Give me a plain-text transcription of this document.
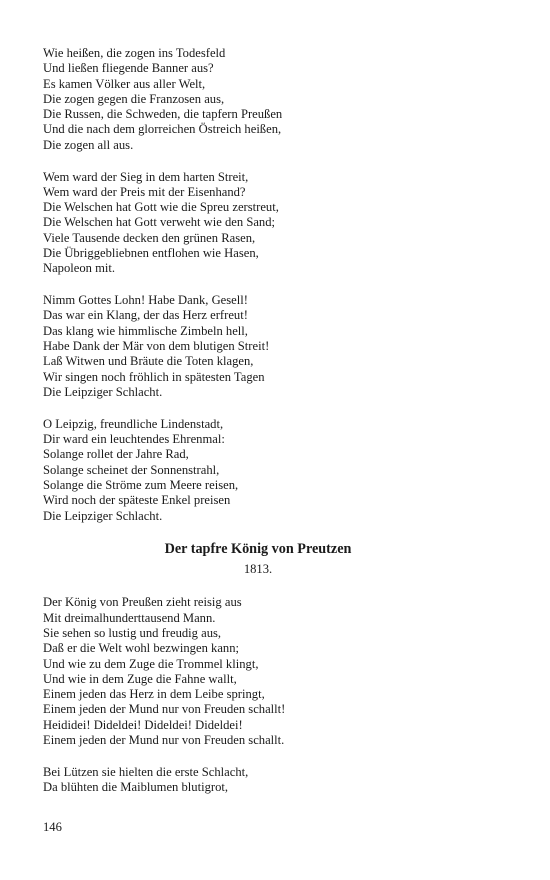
Wie heißen, die zogen ins Todesfeld
Und ließen fliegende Banner aus?
Es kamen Völker aus aller Welt,
Die zogen gegen die Franzosen aus,
Die Russen, die Schweden, die tapfern Preußen
Und die nach dem glorreichen Östreich heißen,
Die zogen all aus.
Wem ward der Sieg in dem harten Streit,
Wem ward der Preis mit der Eisenhand?
Die Welschen hat Gott wie die Spreu zerstreut,
Die Welschen hat Gott verweht wie den Sand;
Viele Tausende decken den grünen Rasen,
Die Übriggebliebnen entflohen wie Hasen,
Napoleon mit.
Nimm Gottes Lohn! Habe Dank, Gesell!
Das war ein Klang, der das Herz erfreut!
Das klang wie himmlische Zimbeln hell,
Habe Dank der Mär von dem blutigen Streit!
Laß Witwen und Bräute die Toten klagen,
Wir singen noch fröhlich in spätesten Tagen
Die Leipziger Schlacht.
O Leipzig, freundliche Lindenstadt,
Dir ward ein leuchtendes Ehrenmal:
Solange rollet der Jahre Rad,
Solange scheinet der Sonnenstrahl,
Solange die Ströme zum Meere reisen,
Wird noch der späteste Enkel preisen
Die Leipziger Schlacht.
Der tapfre König von Preutzen
1813.
Der König von Preußen zieht reisig aus
Mit dreimalhunderttausend Mann.
Sie sehen so lustig und freudig aus,
Daß er die Welt wohl bezwingen kann;
Und wie zu dem Zuge die Trommel klingt,
Und wie in dem Zuge die Fahne wallt,
Einem jeden das Herz in dem Leibe springt,
Einem jeden der Mund nur von Freuden schallt!
Heididei! Dideldei! Dideldei! Dideldei!
Einem jeden der Mund nur von Freuden schallt.
Bei Lützen sie hielten die erste Schlacht,
Da blühten die Maiblumen blutigrot,
146
